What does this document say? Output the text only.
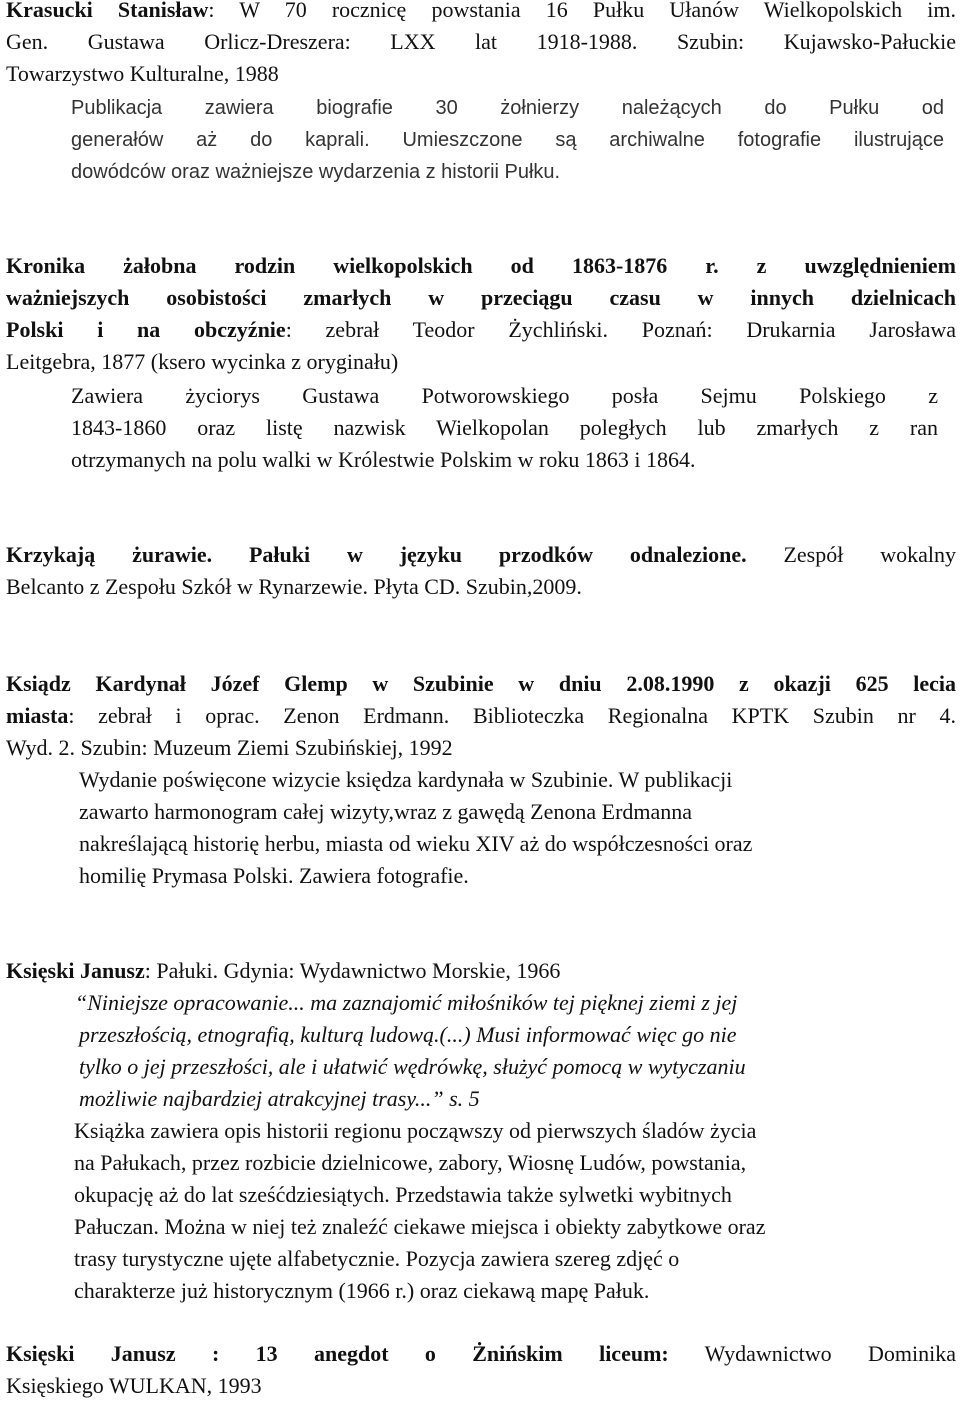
Krasucki Stanisław: W 70 rocznicę powstania 16 Pułku Ułanów Wielkopolskich im.
Gen. Gustawa Orlicz-Dreszera: LXX lat 1918-1988. Szubin: Kujawsko-Pałuckie
Towarzystwo Kulturalne, 1988
Publikacja zawiera biografie 30 żołnierzy należących do Pułku od
generałów aż do kaprali. Umieszczone są archiwalne fotografie ilustrujące
dowódców oraz ważniejsze wydarzenia z historii Pułku.
Kronika żałobna rodzin wielkopolskich od 1863-1876 r. z uwzględnieniem
ważniejszych osobistości zmarłych w przeciągu czasu w innych dzielnicach
Polski i na obczyźnie: zebrał Teodor Żychliński. Poznań: Drukarnia Jarosława
Leitgebra, 1877 (ksero wycinka z oryginału)
Zawiera życiorys Gustawa Potworowskiego posła Sejmu Polskiego z
1843-1860 oraz listę nazwisk Wielkopolan poległych lub zmarłych z ran
otrzymanych na polu walki w Królestwie Polskim w roku 1863 i 1864.
Krzykają żurawie. Pałuki w języku przodków odnalezione. Zespół wokalny
Belcanto z Zespołu Szkół w Rynarzewie. Płyta CD. Szubin,2009.
Ksiądz Kardynał Józef Glemp w Szubinie w dniu 2.08.1990 z okazji 625 lecia
miasta: zebrał i oprac. Zenon Erdmann. Biblioteczka Regionalna KPTK Szubin nr 4.
Wyd. 2. Szubin: Muzeum Ziemi Szubińskiej, 1992
Wydanie poświęcone wizycie księdza kardynała w Szubinie. W publikacji
zawarto harmonogram całej wizyty,wraz z gawędą Zenona Erdmanna
nakreślającą historię herbu, miasta od wieku XIV aż do współczesności oraz
homilię Prymasa Polski. Zawiera fotografie.
Księski Janusz: Pałuki. Gdynia: Wydawnictwo Morskie, 1966
“Niniejsze opracowanie... ma zaznajomić miłośników tej pięknej ziemi z jej
przeszłością, etnografią, kulturą ludową.(...) Musi informować więc go nie
tylko o jej przeszłości, ale i ułatwić wędrówkę, służyć pomocą w wytyczaniu
możliwie najbardziej atrakcyjnej trasy...” s. 5
Książka zawiera opis historii regionu począwszy od pierwszych śladów życia
na Pałukach, przez rozbicie dzielnicowe, zabory, Wiosnę Ludów, powstania,
okupację aż do lat sześćdziesiątych. Przedstawia także sylwetki wybitnych
Pałuczan. Można w niej też znaleźć ciekawe miejsca i obiekty zabytkowe oraz
trasy turystyczne ujęte alfabetycznie. Pozycja zawiera szereg zdjęć o
charakterze już historycznym (1966 r.) oraz ciekawą mapę Pałuk.
Księski Janusz : 13 anegdot o Żnińskim liceum: Wydawnictwo Dominika
Księskiego WULKAN, 1993
